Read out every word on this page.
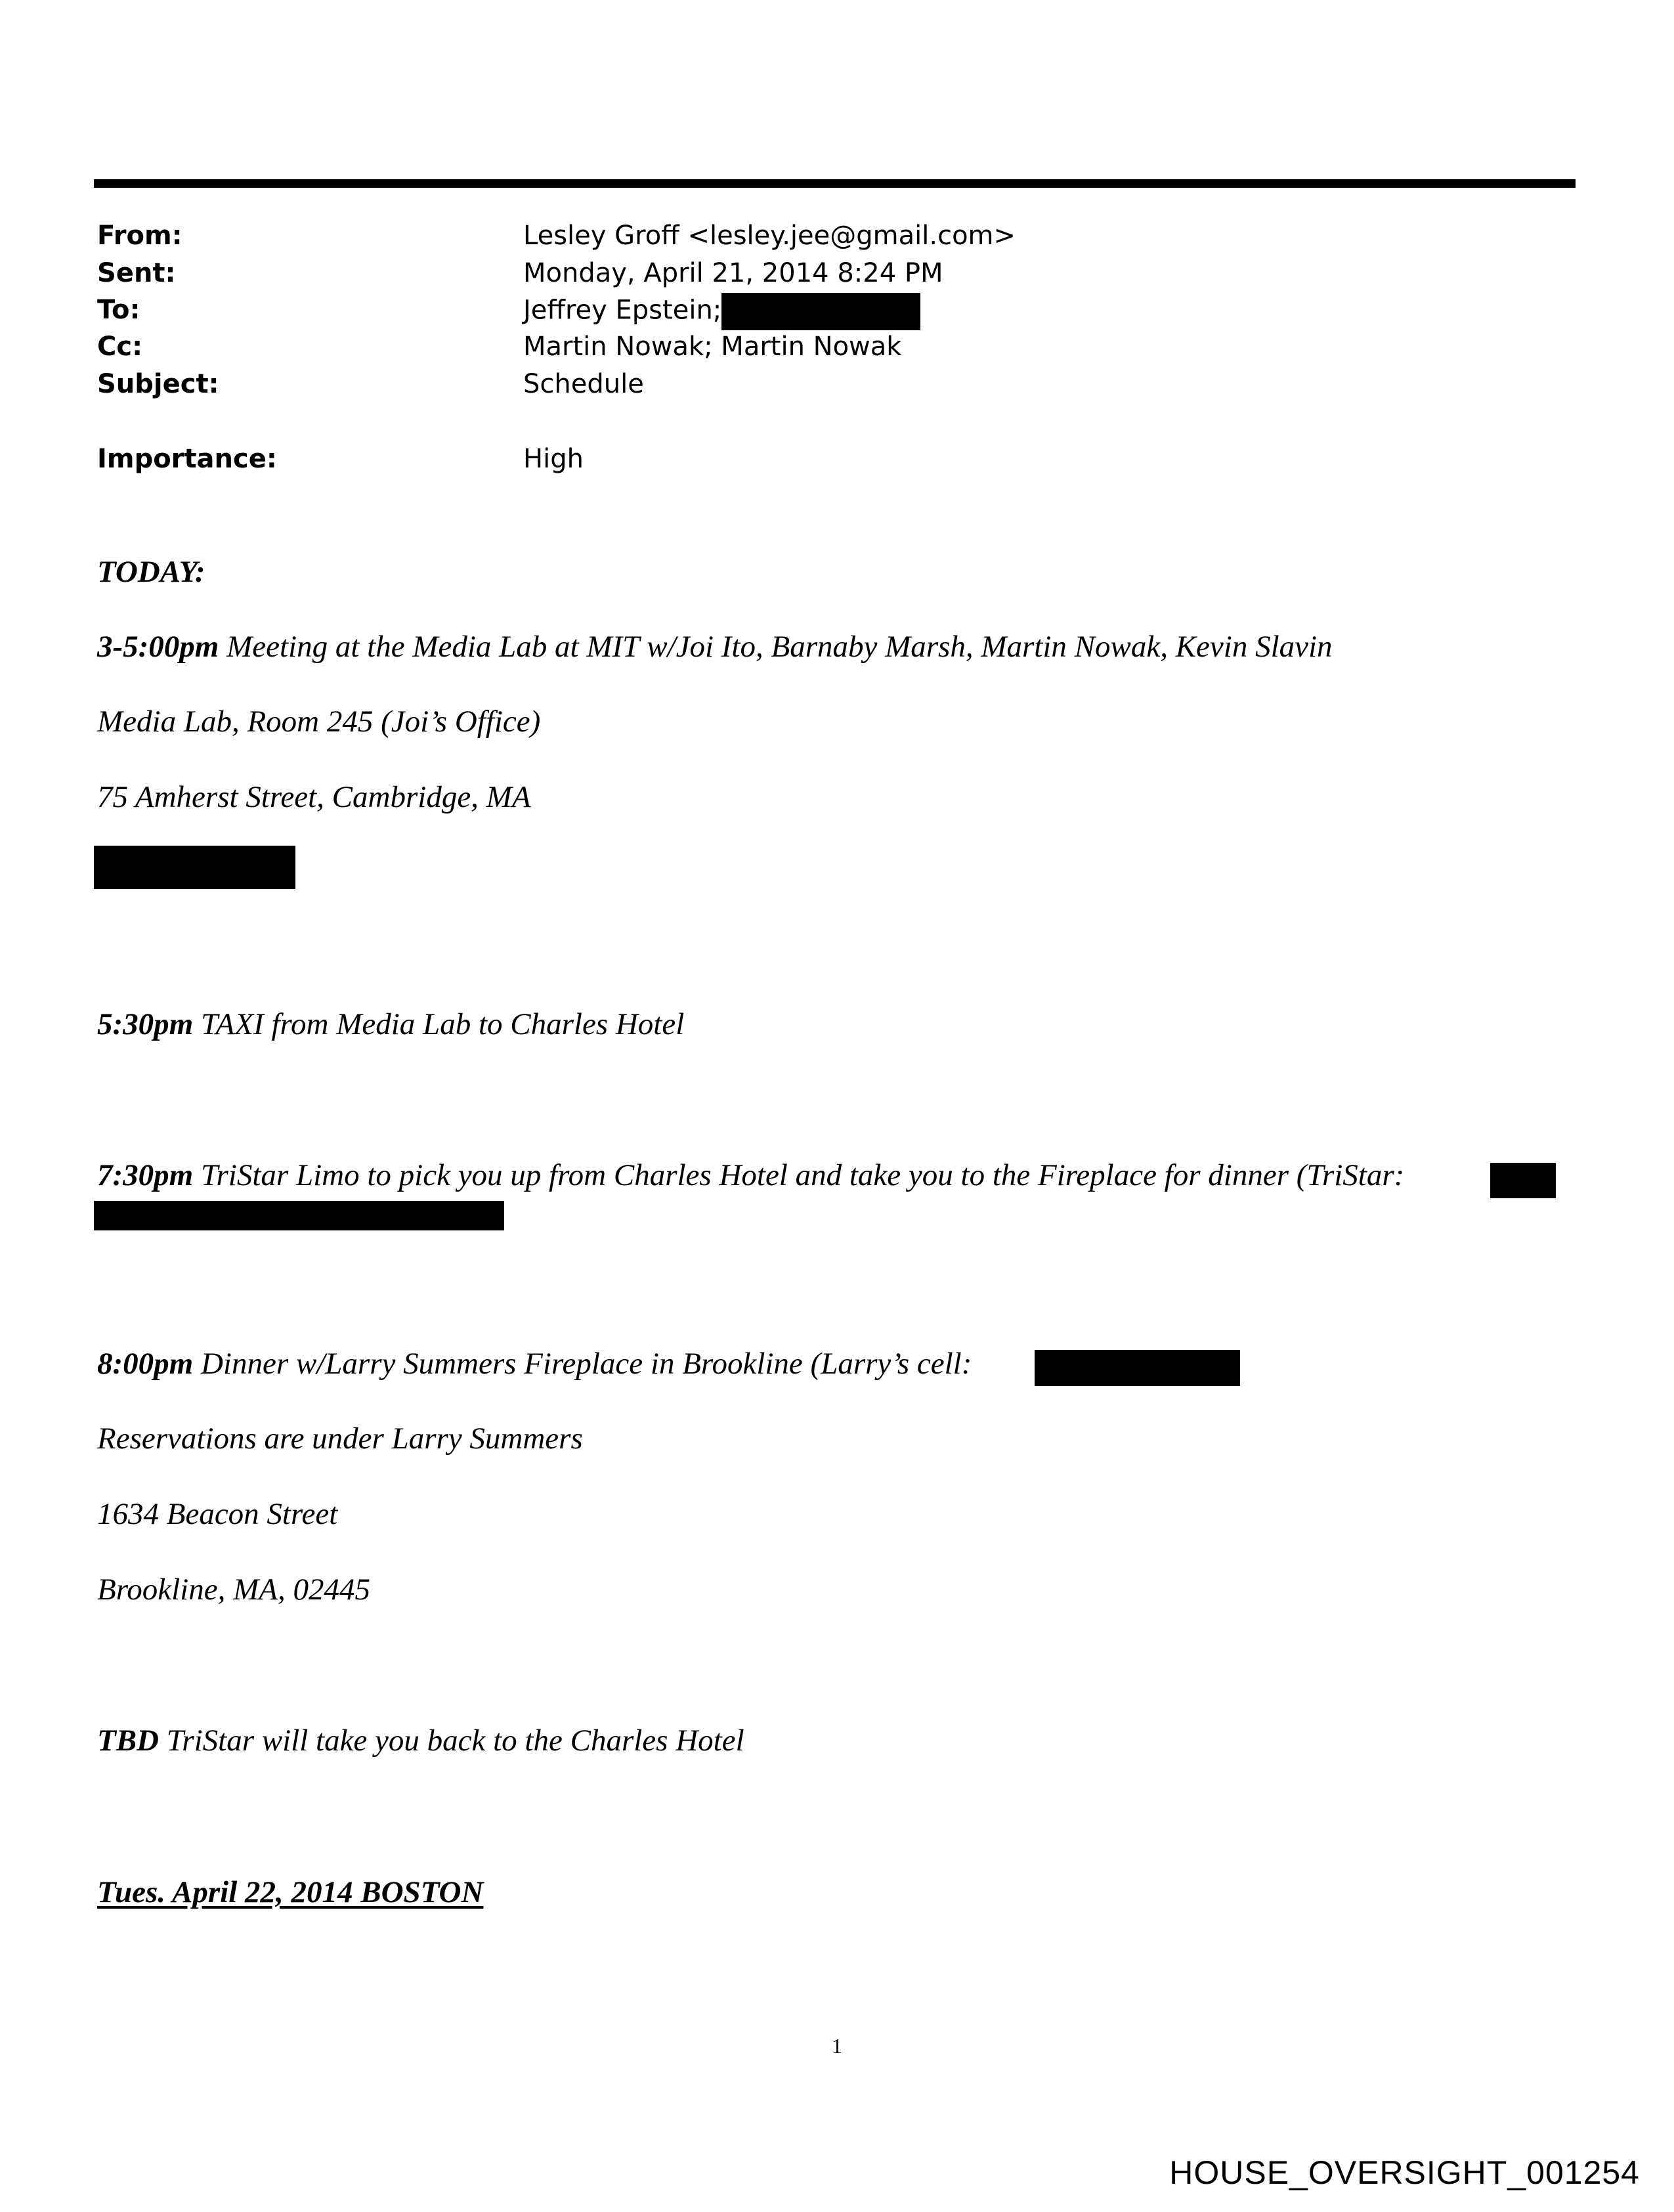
From:	Lesley Groff <lesley.jee@gmail.com>
Sent:	Monday, April 21, 2014 8:24 PM
To:	Jeffrey Epstein;
Cc:	Martin Nowak; Martin Nowak
Subject:	Schedule
Importance:	High
TODAY:
3-5:00pm Meeting at the Media Lab at MIT w/Joi Ito, Barnaby Marsh, Martin Nowak, Kevin Slavin
Media Lab, Room 245 (Joi’s Office)
75 Amherst Street, Cambridge, MA
5:30pm TAXI from Media Lab to Charles Hotel
7:30pm TriStar Limo to pick you up from Charles Hotel and take you to the Fireplace for dinner (TriStar:
8:00pm Dinner w/Larry Summers Fireplace in Brookline (Larry’s cell:
Reservations are under Larry Summers
1634 Beacon Street
Brookline, MA, 02445
TBD TriStar will take you back to the Charles Hotel
Tues. April 22, 2014 BOSTON
1
HOUSE_OVERSIGHT_001254
